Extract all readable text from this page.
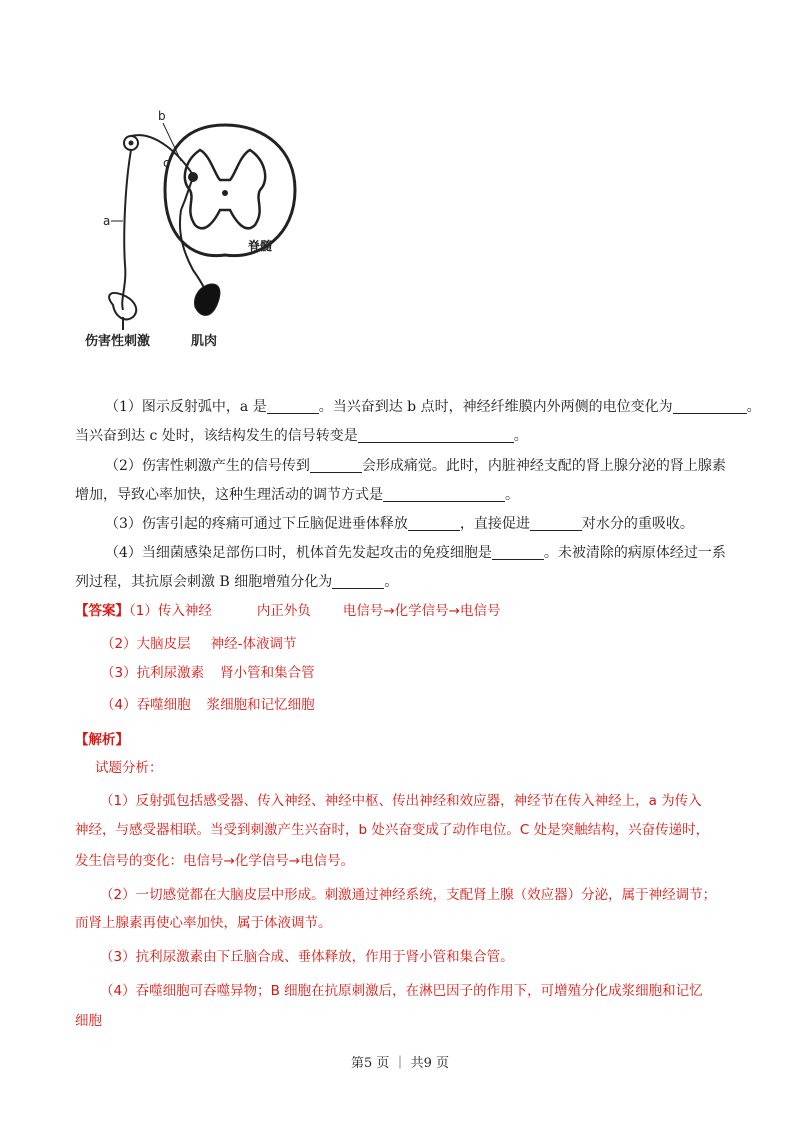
​
a
b
c
脊髓
伤害性刺激	肌肉
（1）图示反射弧中，a 是	。当兴奋到达 b 点时，神经纤维膜内外两侧的电位变化为	。
当兴奋到达 c 处时，该结构发生的信号转变是	。
（2）伤害性刺激产生的信号传到	会形成痛觉。此时，内脏神经支配的肾上腺分泌的肾上腺素
增加，导致心率加快，这种生理活动的调节方式是	。
（3）伤害引起的疼痛可通过下丘脑促进垂体释放	，直接促进	对水分的重吸收。
（4）当细菌感染足部伤口时，机体首先发起攻击的免疫细胞是	。未被清除的病原体经过一系
列过程，其抗原会刺激 B 细胞增殖分化为	。
【答案】（1）传入神经	内正外负 电信号→化学信号→电信号
（2）大脑皮层 神经-体液调节
（3）抗利尿激素 肾小管和集合管
（4）吞噬细胞 浆细胞和记忆细胞
【解析】
试题分析：
（1）反射弧包括感受器、传入神经、神经中枢、传出神经和效应器，神经节在传入神经上，a 为传入
神经，与感受器相联。当受到刺激产生兴奋时，b 处兴奋变成了动作电位。C 处是突触结构，兴奋传递时，
发生信号的变化：电信号→化学信号→电信号。
（2）一切感觉都在大脑皮层中形成。刺激通过神经系统，支配肾上腺（效应器）分泌，属于神经调节；
而肾上腺素再使心率加快，属于体液调节。
（3）抗利尿激素由下丘脑合成、垂体释放，作用于肾小管和集合管。
（4）吞噬细胞可吞噬异物；B 细胞在抗原刺激后，在淋巴因子的作用下，可增殖分化成浆细胞和记忆
细胞
第5 页 ｜ 共9 页
